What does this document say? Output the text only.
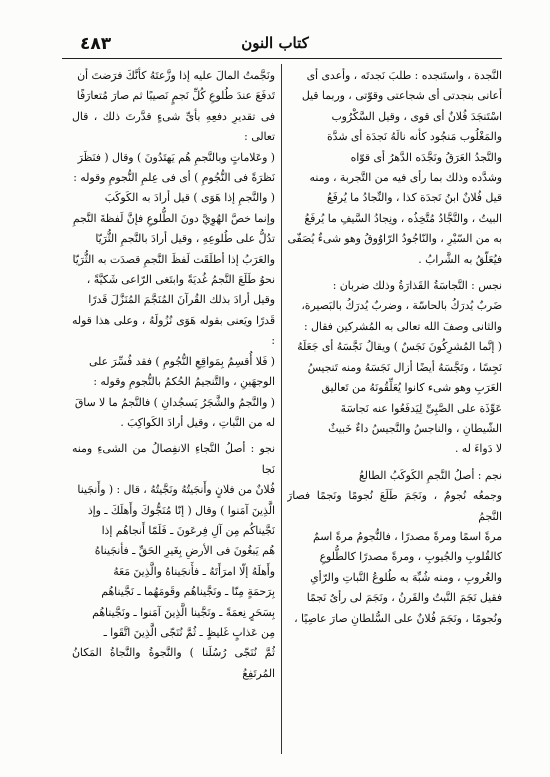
٤٨٣	كتاب النون

النَّجدة ، واستَنجده : طلبَ نَجدتَه ، وأعدى أى

أعانى بنجدتى أى شجاعتى وقوّتى ، وربما قيل

اسْتَنجَدَ فُلانٌ أى قوى ، وقيل السَّكْرُوب

والمَغْلُوب مَنجُود كأنه نالَهُ نَجدَة أى شدَّة

والنَّجدُ العَرَقُ ونَجَّدَه الدَّهرُ أى قوّاه

وشدَّده وذلك بما رأى فيه من التَّجربة ، ومنه

قيل فُلانٌ ابنُ نَجدَة كذا ، والنِّجادُ ما يُرفَعُ

البيتُ ، والنَّجَّادُ مُتَّخِذُه ، ونِجادُ السَّيفِ ما يُرفَعُ

به من السّيْرِ ، والنّاجُودُ الرّاوُوقُ وهو شىءٌ يُصَفّى

فيُعَلّقُ به الشَّرابُ .

نجس : النَّجاسَةُ القَذارَةُ وذلك ضربان :

ضَربٌ يُدرَكُ بالحاسّة ، وضربٌ يُدرَكُ بالبَصيرة،

والثانى وصفَ الله تعالى به المُشركين فقال :

( إنَّما المُشرِكُونَ نَجَسٌ ) ويقالُ نَجَّسَهُ أى جَعَلَهُ

نَجِسًا ، ونَجَّسَهُ أيضًا أزال نَجَسَهُ ومنه تَنجيسُ

العَرَبِ وهو شىء كانوا يُعَلِّقُونَهُ من تَعاليق

عَوِّذَة على الصَّبِىِّ لِيَدفَعُوا عنه نَجاسَةَ

الشّيطانِ ، والناجسُ والنَّجيسُ داءٌ خَبيثٌ

لا دَواءَ له .

نجم : أصلُ النَّجمِ الكَوكَبُ الطالعُ

وجمعُه نُجومٌ ، ونَجَمَ طَلَعَ نُجومًا ونَجمًا فصارَ النَّجمُ

مرةً اسمًا ومرةً مصدرًا ، فالنُّجومُ مرةً اسمٌ

كالقُلوبِ والجُيوبِ ، ومرةً مصدرًا كالطُّلوعِ

والغُروبِ ، ومنه شُبِّهَ به طُلوعُ النَّباتِ والرّأىِ

فقيل نَجَمَ النَّبتُ والقَرنُ ، ونَجَمَ لى رأىٌ نَجمًا

ونُجومًا ، ونَجَمَ فُلانٌ على السُّلطانِ صارَ عاصِيًا ،

ونَجَّمتُ المالَ عليه إذا وزَّعتَهُ كأنَّكَ فرَضتَ أن

تَدفَعَ عندَ طُلوعِ كُلِّ نَجمٍ نَصيبًا ثم صارَ مُتعارَفًا

فى تقديرِ دفعِهِ بأىِّ شىءٍ قدَّرتَ ذلك ، قال تعالى :

( وعَلاماتٍ وبالنَّجمِ هُم يَهتَدُونَ ) وقال ( فنَظَرَ

نَظرَةً فى النُّجُومِ ) أى فى عِلمِ النُّجومِ وقوله :

( والنَّجمِ إذا هَوَى ) قيل أرادَ به الكَوكَبَ

وإنما خصَّ الهُوِيَّ دونَ الطُّلوعِ فإنَّ لَفظةَ النَّجمِ

تدُلُّ على طُلوعِهِ ، وقيل أرادَ بالنَّجمِ الثُّرَيّا

والعَرَبُ إذا أطلَقَت لَفظَ النَّجمِ قصدَت به الثُّرَيّا

نحوُ طَلَعَ النَّجمُ غُديَةً وابتَغى الرّاعى شَكيَّةً ،

وقيل أرادَ بذلك القُرآنَ المُنَجَّمَ المُنَزَّلَ قَدرًا

قَدرًا ويَعنى بقوله هَوَى نُزُولَهُ ، وعلى هذا قوله :

( فَلا أُقسِمُ بِمَواقِعِ النُّجُومِ ) فقد فُسِّرَ على

الوجهَينِ ، والتَّنجيمُ الحُكمُ بالنُّجومِ وقوله :

( والنَّجمُ والشَّجَرُ يَسجُدانِ ) فالنَّجمُ ما لا ساقَ

له من النَّباتِ ، وقيل أرادَ الكَواكِبَ .

نجو : أصلُ النَّجاءِ الانفِصالُ من الشىءِ ومنه نَجا

فُلانٌ من فلانٍ وأَنجَيتُهُ ونَجَّيتُهُ ، قال : ( وأَنجَينا

الَّذِينَ آمَنوا ) وقال ( إنّا مُنَجُّوكَ وأَهلَكَ ـ وإذ

نَجَّيناكُم مِن آلِ فِرعَونَ ـ فَلَمّا أَنجاهُم إذا

هُم يَبغُونَ فى الأرضِ بِغَيرِ الحَقِّ ـ فأنجَيناهُ

وأَهلَهُ إلّا امرَأَتَهُ ـ فأَنجَيناهُ والَّذِينَ مَعَهُ

بِرَحمَةٍ مِنّا ـ ونَجَّيناهُم وقَومَهُما ـ نَجَّيناهُم

بِسَحَرٍ نِعمَةً ـ ونَجَّينا الَّذِينَ آمَنوا ـ ونَجَّيناهُم

مِن عَذابٍ غَليظٍ ـ ثُمَّ نُنَجّى الَّذِينَ اتَّقَوا ـ

ثُمَّ نُنَجّى رُسُلَنا ) والنَّجوةُ والنَّجاةُ المَكانُ المُرتَفِعُ
